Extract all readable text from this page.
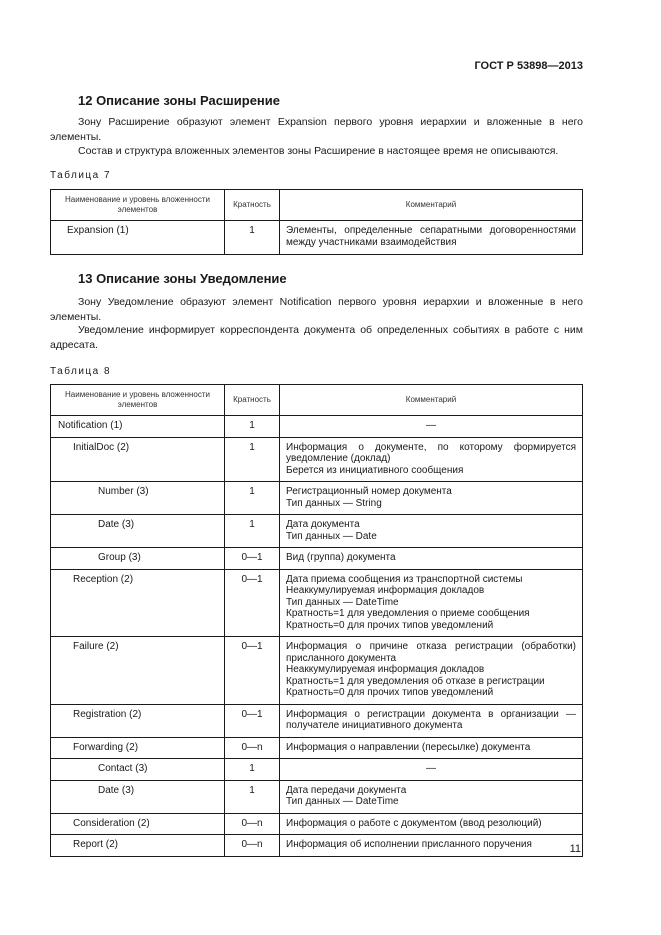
ГОСТ Р 53898—2013
12 Описание зоны Расширение

Зону Расширение образуют элемент Expansion первого уровня иерархии и вложенные в него элементы.

Состав и структура вложенных элементов зоны Расширение в настоящее время не описываются.

Таблица 7
Наименование и уровень вложенности элементов	Кратность	Комментарий
Expansion (1)	1	Элементы, определенные сепаратными договоренностями между участниками взаимодействия
13 Описание зоны Уведомление

Зону Уведомление образуют элемент Notification первого уровня иерархии и вложенные в него элементы.

Уведомление информирует корреспондента документа об определенных событиях в работе с ним адресата.

Таблица 8
Наименование и уровень вложенности элементов	Кратность	Комментарий
Notification (1)	1	—

InitialDoc (2)	1	Информация о документе, по которому формируется уведомление (доклад)
Берется из инициативного сообщения

Number (3)	1	Регистрационный номер документа
Тип данных — String

Date (3)	1	Дата документа
Тип данных — Date

Group (3)	0—1	Вид (группа) документа

Reception (2)	0—1	Дата приема сообщения из транспортной системы
Неаккумулируемая информация докладов
Тип данных — DateTime
Кратность=1 для уведомления о приеме сообщения
Кратность=0 для прочих типов уведомлений

Failure (2)	0—1	Информация о причине отказа регистрации (обработки) присланного документа
Неаккумулируемая информация докладов
Кратность=1 для уведомления об отказе в регистрации
Кратность=0 для прочих типов уведомлений

Registration (2)	0—1	Информация о регистрации документа в организации — получателе инициативного документа

Forwarding (2)	0—n	Информация о направлении (пересылке) документа

Contact (3)	1	—

Date (3)	1	Дата передачи документа
Тип данных — DateTime

Consideration (2)	0—n	Информация о работе с документом (ввод резолюций)

Report (2)	0—n	Информация об исполнении присланного поручения	11
